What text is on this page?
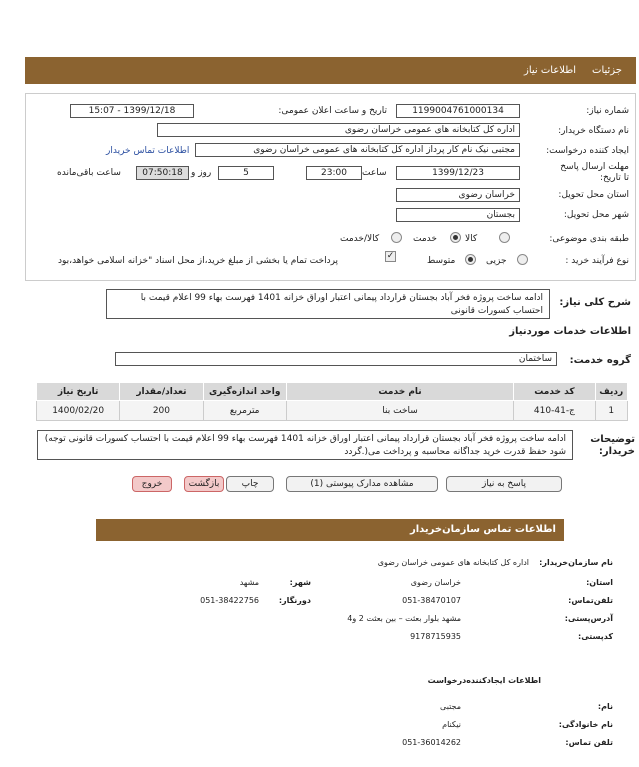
جزئیات
اطلاعات نیاز
شماره نیاز:
1199004761000134
تاریخ و ساعت اعلان عمومی:
1399/12/18 - 15:07
نام دستگاه خریدار:
اداره کل کتابخانه های عمومی خراسان رضوی
ایجاد کننده درخواست:
مجتبی نیک نام کار پرداز اداره کل کتابخانه های عمومی خراسان رضوی
اطلاعات تماس خریدار
مهلت ارسال پاسخ تا تاریخ:
1399/12/23
ساعت
23:00
5
روز و
07:50:18
ساعت باقی‌مانده
استان محل تحویل:
خراسان رضوی
شهر محل تحویل:
بجستان
طبقه بندی موضوعی:
کالا
خدمت
کالا/خدمت
نوع فرآیند خرید :
جزیی
متوسط
✓
پرداخت تمام یا بخشی از مبلغ خرید،از محل اسناد "خزانه اسلامی خواهد،بود
شرح کلی نیاز:
ادامه ساخت پروژه فخر آباد بجستان قرارداد پیمانی اعتبار اوراق خزانه 1401 فهرست بهاء 99 اعلام قیمت با احتساب کسورات قانونی
اطلاعات خدمات موردنیاز
گروه خدمت:
ساختمان
ردیف	کد خدمت	نام خدمت	واحد اندازه‌گیری	تعداد/مقدار	تاریخ نیاز
1	ج-41-410	ساخت بنا	مترمربع	200	1400/02/20
توضیحات خریدار:
ادامه ساخت پروژه فخر آباد بجستان قرارداد پیمانی اعتبار اوراق خزانه 1401 فهرست بهاء 99 اعلام قیمت با احتساب کسورات قانونی توجه) شود حفظ قدرت خرید جداگانه محاسبه و پرداخت می(.گردد
پاسخ به نیاز
مشاهده مدارک پیوستی (1)
چاپ
بازگشت
خروج
اطلاعات تماس سازمان‌خریدار
نام سازمان‌خریدار:
اداره کل کتابخانه های عمومی خراسان رضوی
استان:
خراسان رضوی
شهر:
مشهد
تلفن‌تماس:
051-38470107
دورنگار:
051-38422756
آدرس‌پستی:
مشهد بلوار بعثت – بین بعثت 2 و4
کدپستی:
9178715935
اطلاعات ایجادکننده‌درخواست
نام:
مجتبی
نام خانوادگی:
نیکنام
تلفن تماس:
051-36014262
